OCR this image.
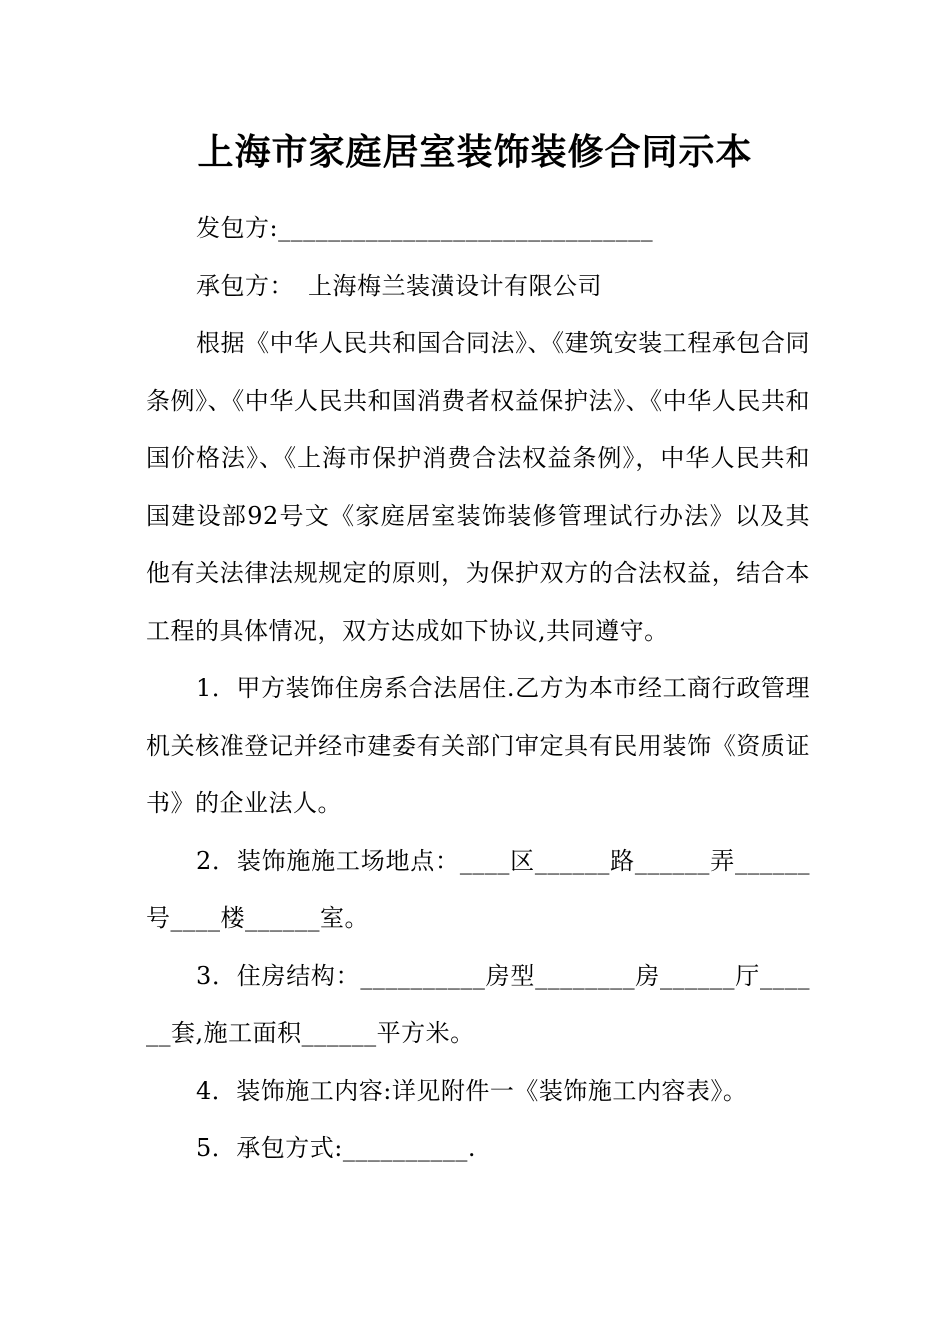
上海市家庭居室装饰装修合同示本

发包方:______________________________

承包方： 上海梅兰装潢设计有限公司

根据《中华人民共和国合同法》、《建筑安装工程承包合同条例》、《中华人民共和国消费者权益保护法》、《中华人民共和国价格法》、《上海市保护消费合法权益条例》，中华人民共和国建设部92号文《家庭居室装饰装修管理试行办法》以及其他有关法律法规规定的原则，为保护双方的合法权益，结合本工程的具体情况，双方达成如下协议,共同遵守。

1．甲方装饰住房系合法居住.乙方为本市经工商行政管理机关核准登记并经市建委有关部门审定具有民用装饰《资质证书》的企业法人。

2．装饰施施工场地点：____区______路______弄______号____楼______室。

3．住房结构：__________房型________房______厅______套,施工面积______平方米。

4．装饰施工内容:详见附件一《装饰施工内容表》。

5．承包方式:__________.
